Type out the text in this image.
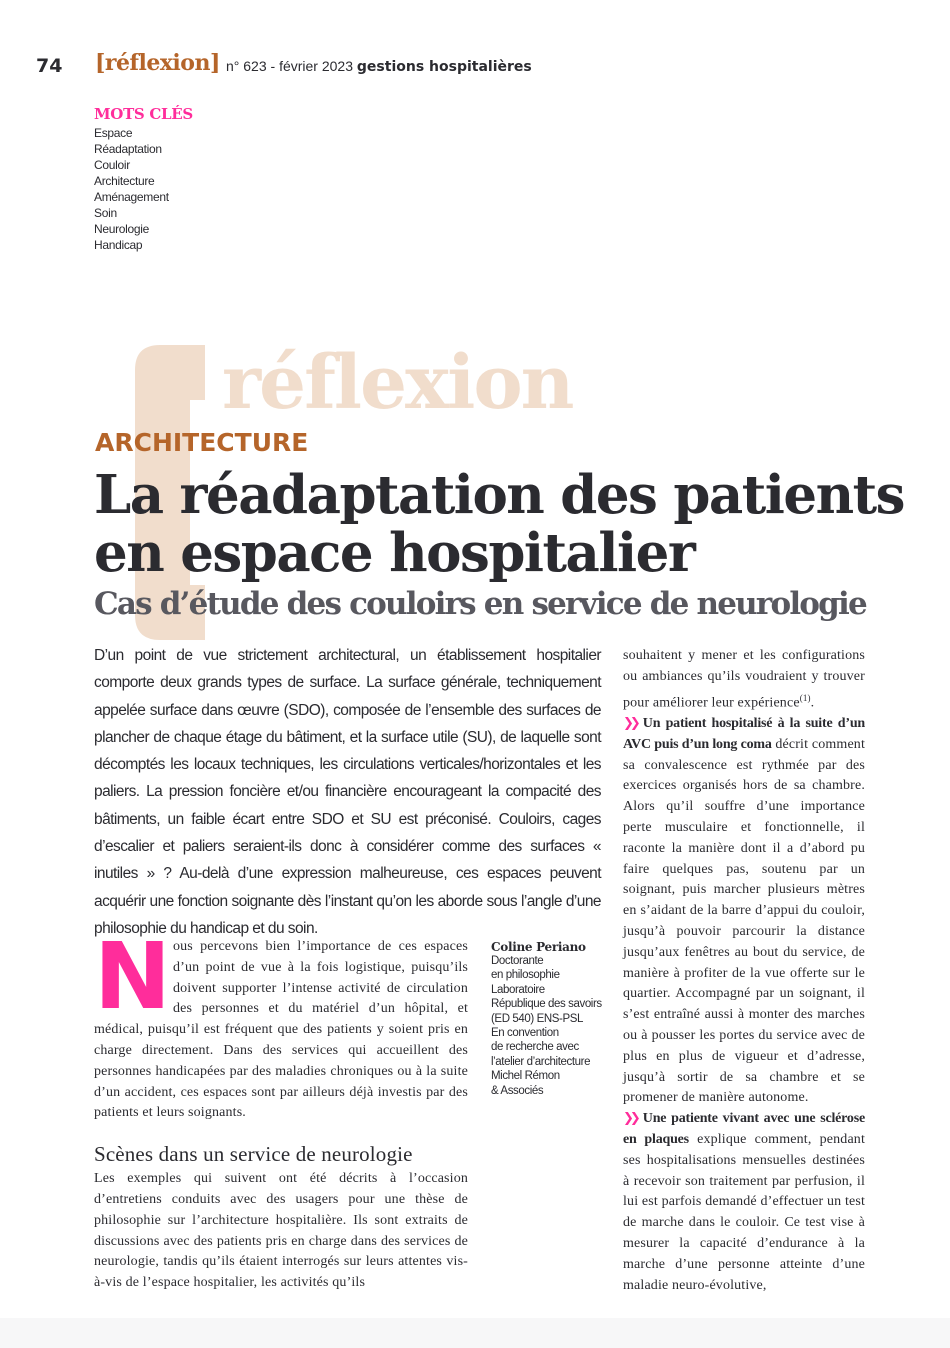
74 [réflexion] n° 623 - février 2023 gestions hospitalières
MOTS CLÉS
Espace
Réadaptation
Couloir
Architecture
Aménagement
Soin
Neurologie
Handicap
réflexion
ARCHITECTURE
La réadaptation des patients
en espace hospitalier
Cas d’étude des couloirs en service de neurologie
D’un point de vue strictement architectural, un établissement hospitalier comporte deux grands types de surface. La surface générale, techniquement appelée surface dans œuvre (SDO), composée de l’ensemble des surfaces de plancher de chaque étage du bâtiment, et la surface utile (SU), de laquelle sont décomptés les locaux techniques, les circulations verticales/horizontales et les paliers. La pression foncière et/ou financière encourageant la compacité des bâtiments, un faible écart entre SDO et SU est préconisé. Couloirs, cages d’escalier et paliers seraient-ils donc à considérer comme des surfaces « inutiles » ? Au-delà d’une expression malheureuse, ces espaces peuvent acquérir une fonction soignante dès l’instant qu’on les aborde sous l’angle d’une philosophie du handicap et du soin.
Nous percevons bien l’importance de ces espaces d’un point de vue à la fois logistique, puisqu’ils doivent supporter l’intense activité de circulation des personnes et du matériel d’un hôpital, et médical, puisqu’il est fréquent que des patients y soient pris en charge directement. Dans des services qui accueillent des personnes handicapées par des maladies chroniques ou à la suite d’un accident, ces espaces sont par ailleurs déjà investis par des patients et leurs soignants.
Scènes dans un service de neurologie
Les exemples qui suivent ont été décrits à l’occasion d’entretiens conduits avec des usagers pour une thèse de philosophie sur l’architecture hospitalière. Ils sont extraits de discussions avec des patients pris en charge dans des services de neurologie, tandis qu’ils étaient interrogés sur leurs attentes vis-à-vis de l’espace hospitalier, les activités qu’ils
Coline Periano
Doctorante
en philosophie
Laboratoire
République des savoirs
(ED 540) ENS-PSL
En convention
de recherche avec
l’atelier d’architecture
Michel Rémon
& Associés

souhaitent y mener et les configurations ou ambiances qu’ils voudraient y trouver pour améliorer leur expérience$^{(1)}$.

❯❯ Un patient hospitalisé à la suite d’un AVC puis d’un long coma décrit comment sa convalescence est rythmée par des exercices organisés hors de sa chambre. Alors qu’il souffre d’une importance perte musculaire et fonctionnelle, il raconte la manière dont il a d’abord pu faire quelques pas, soutenu par un soignant, puis marcher plusieurs mètres en s’aidant de la barre d’appui du couloir, jusqu’à pouvoir parcourir la distance jusqu’aux fenêtres au bout du service, de manière à profiter de la vue offerte sur le quartier. Accompagné par un soignant, il s’est entraîné aussi à monter des marches ou à pousser les portes du service avec de plus en plus de vigueur et d’adresse, jusqu’à sortir de sa chambre et se promener de manière autonome.

❯❯ Une patiente vivant avec une sclérose en plaques explique comment, pendant ses hospitalisations mensuelles destinées à recevoir son traitement par perfusion, il lui est parfois demandé d’effectuer un test de marche dans le couloir. Ce test vise à mesurer la capacité d’endurance à la marche d’une personne atteinte d’une maladie neuro-évolutive,
